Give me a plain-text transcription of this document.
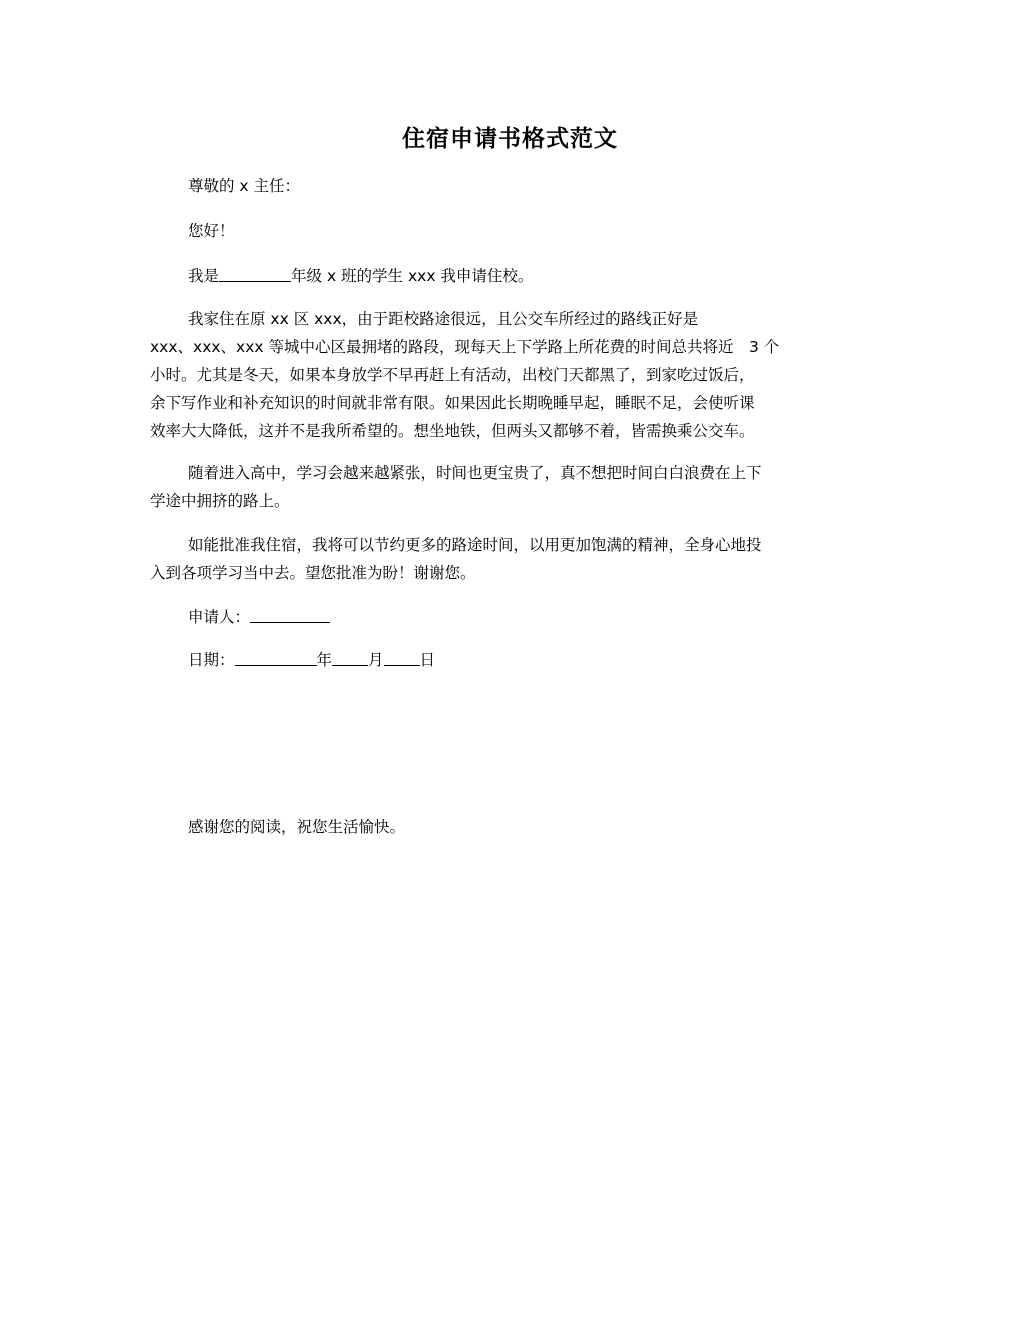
住宿申请书格式范文
尊敬的 x 主任：
您好！
我是	年级 x 班的学生 xxx 我申请住校。
我家住在原 xx 区 xxx，由于距校路途很远，且公交车所经过的路线正好是
xxx、xxx、xxx 等城中心区最拥堵的路段，现每天上下学路上所花费的时间总共将近　3 个
小时。尤其是冬天，如果本身放学不早再赶上有活动，出校门天都黑了，到家吃过饭后，
余下写作业和补充知识的时间就非常有限。如果因此长期晚睡早起，睡眠不足，会使听课
效率大大降低，这并不是我所希望的。想坐地铁，但两头又都够不着，皆需换乘公交车。
随着进入高中，学习会越来越紧张，时间也更宝贵了，真不想把时间白白浪费在上下
学途中拥挤的路上。
如能批准我住宿，我将可以节约更多的路途时间，以用更加饱满的精神，全身心地投
入到各项学习当中去。望您批准为盼！谢谢您。
申请人：
日期：	年 月 日
感谢您的阅读，祝您生活愉快。
